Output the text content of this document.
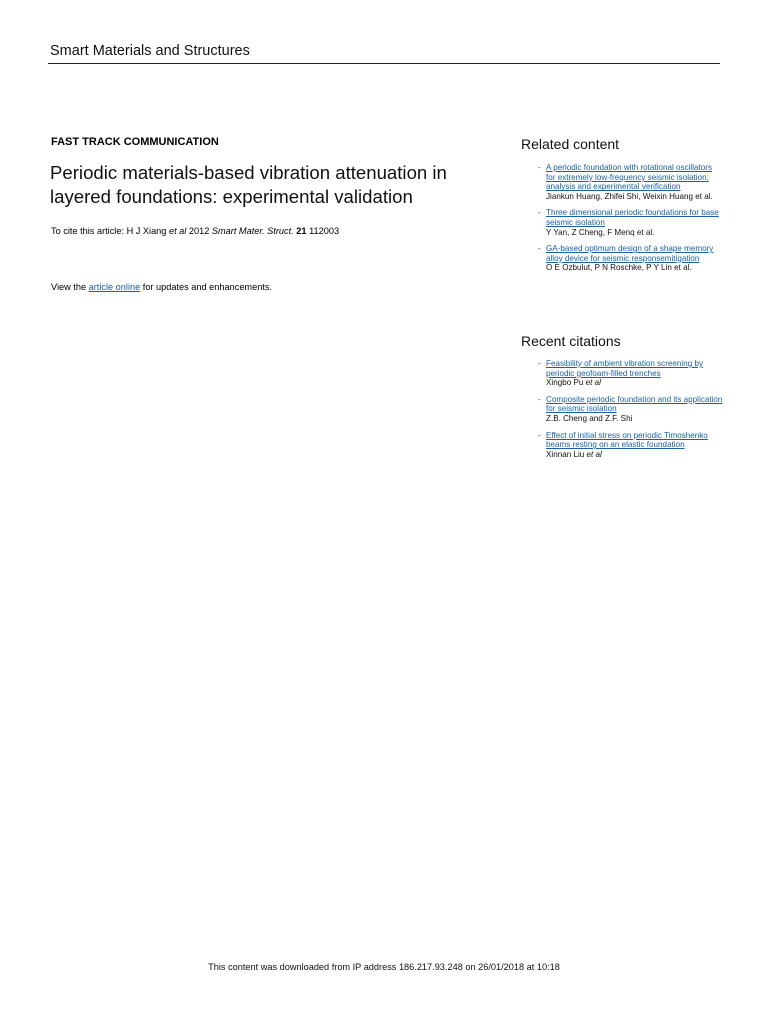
Smart Materials and Structures
FAST TRACK COMMUNICATION
Periodic materials-based vibration attenuation in layered foundations: experimental validation
To cite this article: H J Xiang et al 2012 Smart Mater. Struct. 21 112003
View the article online for updates and enhancements.
Related content
- A periodic foundation with rotational oscillators for extremely low-frequency seismic isolation: analysis and experimental verification
Jiankun Huang, Zhifei Shi, Weixin Huang et al.
- Three dimensional periodic foundations for base seismic isolation
Y Yan, Z Cheng, F Menq et al.
- GA-based optimum design of a shape memory alloy device for seismic responsemitigation
O E Ozbulut, P N Roschke, P Y Lin et al.
Recent citations
- Feasibility of ambient vibration screening by periodic geofoam-filled trenches
Xingbo Pu et al
- Composite periodic foundation and its application for seismic isolation
Z.B. Cheng and Z.F. Shi
- Effect of initial stress on periodic Timoshenko beams resting on an elastic foundation
Xinnan Liu et al
This content was downloaded from IP address 186.217.93.248 on 26/01/2018 at 10:18
